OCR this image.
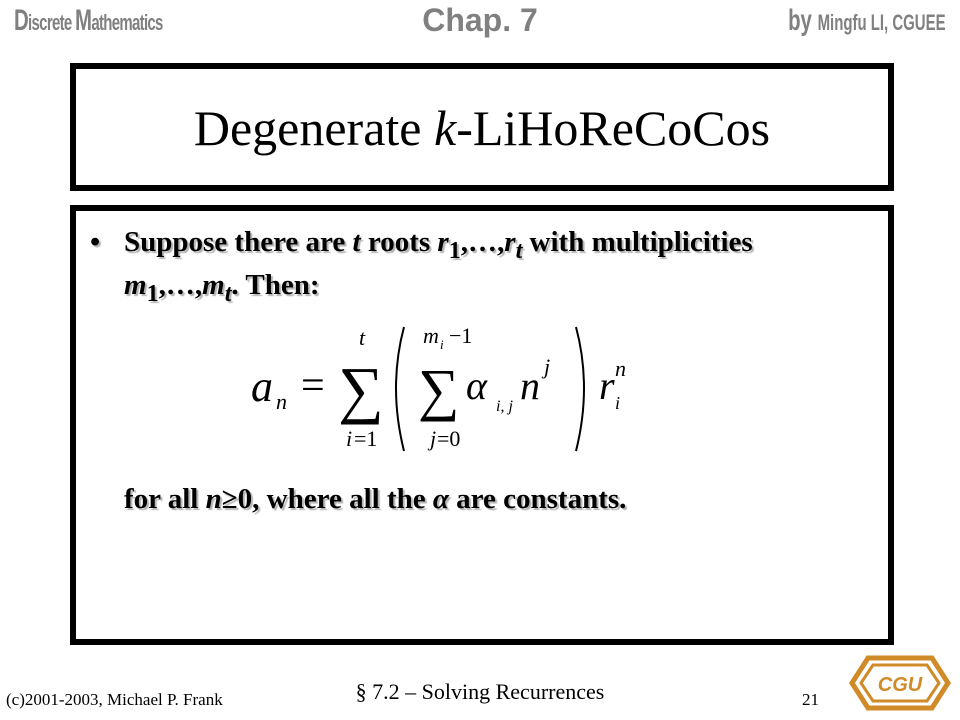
Discrete Mathematics	Chap. 7	by Mingfu LI, CGUEE
Degenerate k-LiHoReCoCos
• Suppose there are t roots $r_1,\dots,r_t$ with multiplicities $m_1,\dots,m_t$. Then:
a n = ∑
t
i =1
m i −1
∑
j =0
α i, j n j r i
n
for all n≥0, where all the α are constants.
(c)2001-2003, Michael P. Frank	§ 7.2 – Solving Recurrences	21
CGU
